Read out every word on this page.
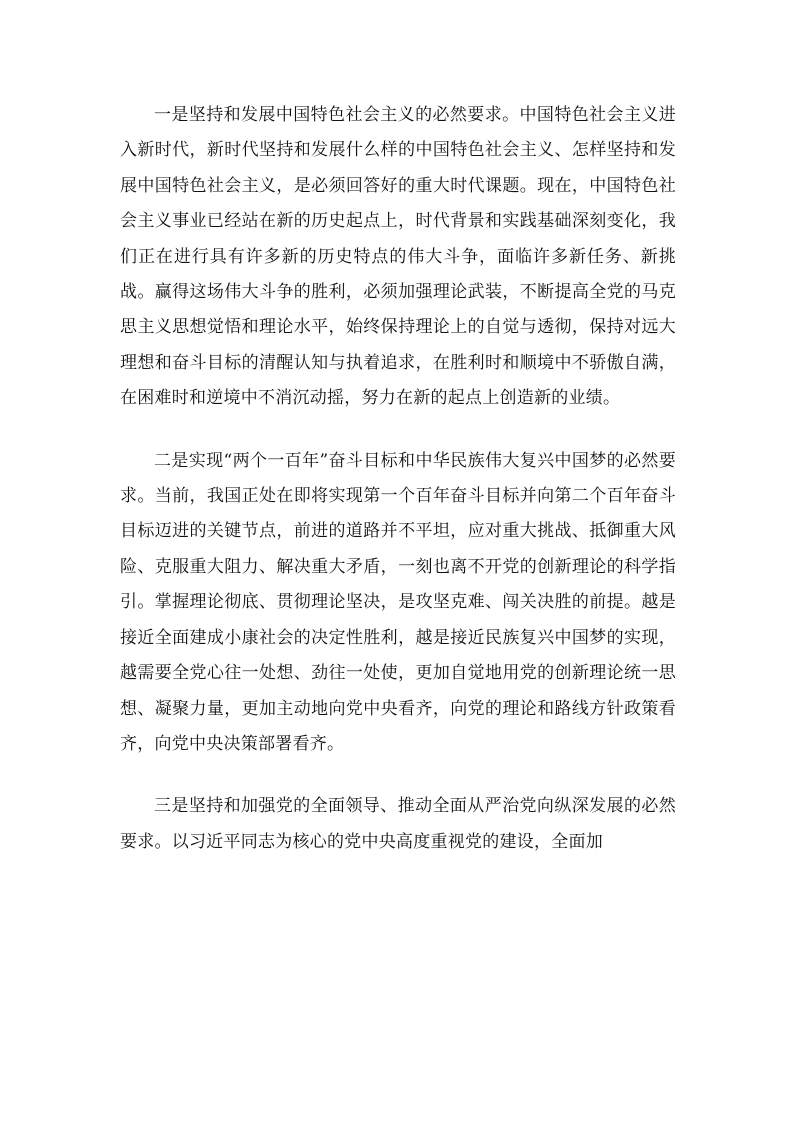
一是坚持和发展中国特色社会主义的必然要求。中国特色社会主义进入新时代，新时代坚持和发展什么样的中国特色社会主义、怎样坚持和发展中国特色社会主义，是必须回答好的重大时代课题。现在，中国特色社会主义事业已经站在新的历史起点上，时代背景和实践基础深刻变化，我们正在进行具有许多新的历史特点的伟大斗争，面临许多新任务、新挑战。赢得这场伟大斗争的胜利，必须加强理论武装，不断提高全党的马克思主义思想觉悟和理论水平，始终保持理论上的自觉与透彻，保持对远大理想和奋斗目标的清醒认知与执着追求，在胜利时和顺境中不骄傲自满，在困难时和逆境中不消沉动摇，努力在新的起点上创造新的业绩。

二是实现“两个一百年”奋斗目标和中华民族伟大复兴中国梦的必然要求。当前，我国正处在即将实现第一个百年奋斗目标并向第二个百年奋斗目标迈进的关键节点，前进的道路并不平坦，应对重大挑战、抵御重大风险、克服重大阻力、解决重大矛盾，一刻也离不开党的创新理论的科学指引。掌握理论彻底、贯彻理论坚决，是攻坚克难、闯关决胜的前提。越是接近全面建成小康社会的决定性胜利，越是接近民族复兴中国梦的实现，越需要全党心往一处想、劲往一处使，更加自觉地用党的创新理论统一思想、凝聚力量，更加主动地向党中央看齐，向党的理论和路线方针政策看齐，向党中央决策部署看齐。

三是坚持和加强党的全面领导、推动全面从严治党向纵深发展的必然要求。以习近平同志为核心的党中央高度重视党的建设，全面加
